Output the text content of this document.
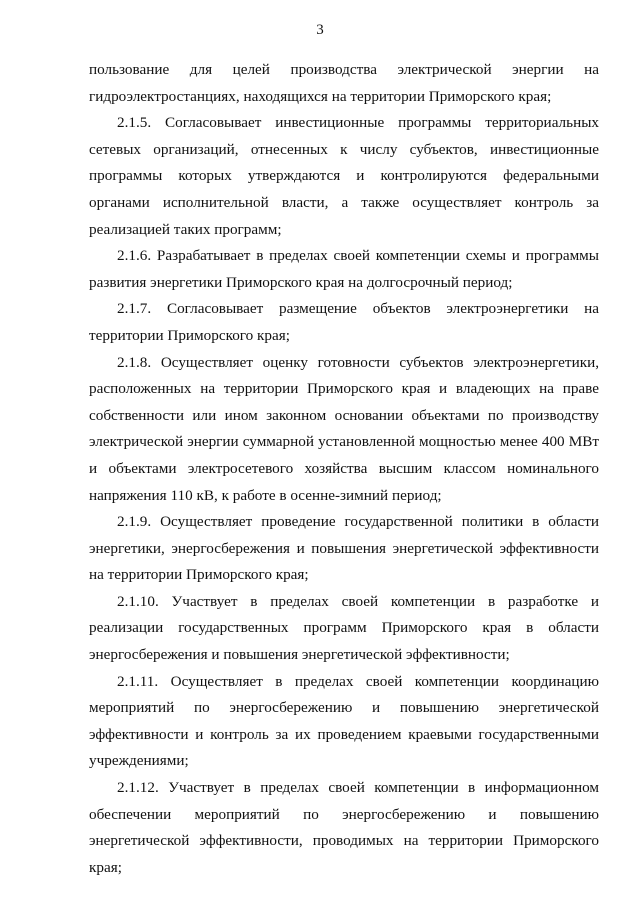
3

пользование для целей производства электрической энергии на гидроэлектростанциях, находящихся на территории Приморского края;

2.1.5. Согласовывает инвестиционные программы территориальных сетевых организаций, отнесенных к числу субъектов, инвестиционные программы которых утверждаются и контролируются федеральными органами исполнительной власти, а также осуществляет контроль за реализацией таких программ;

2.1.6. Разрабатывает в пределах своей компетенции схемы и программы развития энергетики Приморского края на долгосрочный период;

2.1.7. Согласовывает размещение объектов электроэнергетики на территории Приморского края;

2.1.8. Осуществляет оценку готовности субъектов электроэнергетики, расположенных на территории Приморского края и владеющих на праве собственности или ином законном основании объектами по производству электрической энергии суммарной установленной мощностью менее 400 МВт и объектами электросетевого хозяйства высшим классом номинального напряжения 110 кВ, к работе в осенне-зимний период;

2.1.9. Осуществляет проведение государственной политики в области энергетики, энергосбережения и повышения энергетической эффективности на территории Приморского края;

2.1.10. Участвует в пределах своей компетенции в разработке и реализации государственных программ Приморского края в области энергосбережения и повышения энергетической эффективности;

2.1.11. Осуществляет в пределах своей компетенции координацию мероприятий по энергосбережению и повышению энергетической эффективности и контроль за их проведением краевыми государственными учреждениями;

2.1.12. Участвует в пределах своей компетенции в информационном обеспечении мероприятий по энергосбережению и повышению энергетической эффективности, проводимых на территории Приморского края;
